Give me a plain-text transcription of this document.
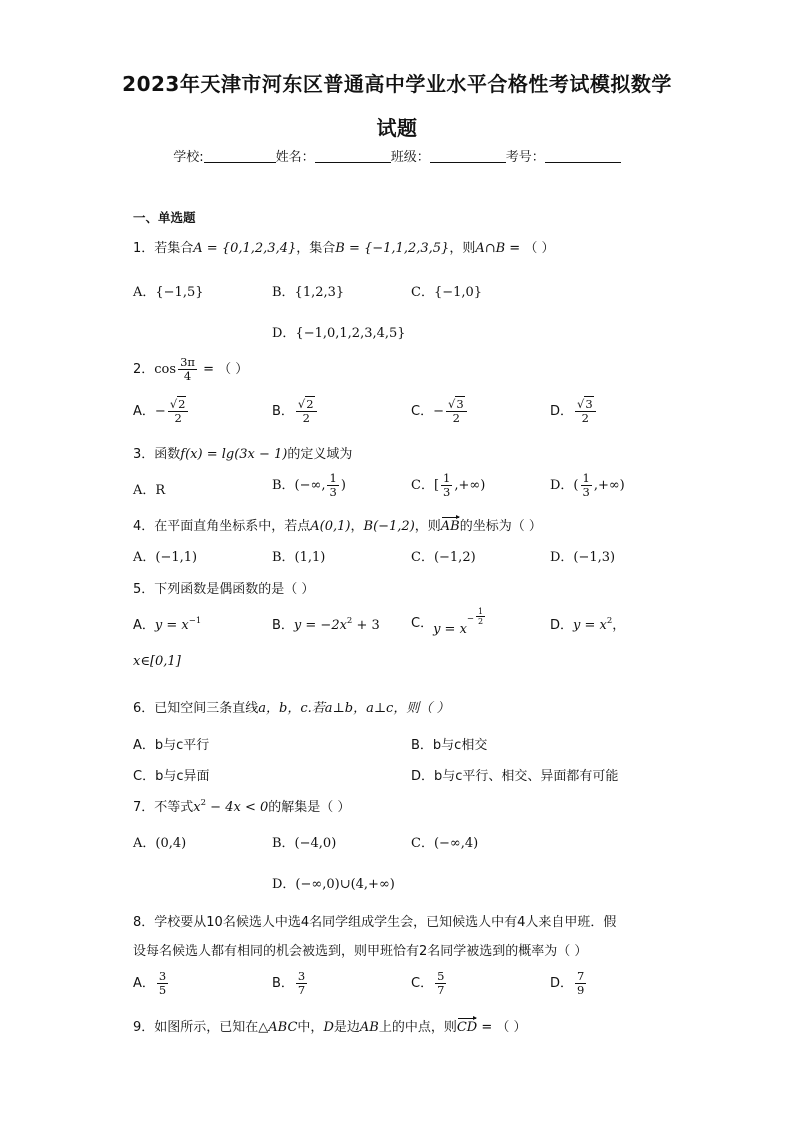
2023年天津市河东区普通高中学业水平合格性考试模拟数学
试题
学校:	姓名：	班级：	考号：
一、单选题
1．若集合A = {0,1,2,3,4}，集合B = {−1,1,2,3,5}，则A∩B = （ ）
A．{−1,5}	B．{1,2,3}	C．{−1,0}
D．{−1,0,1,2,3,4,5}
2．$\cos \frac{3\pi}{4}$ = （ ）
A．− $\frac{√2}{2}$	B． $\frac{√2}{2}$	C．− $\frac{√3}{2}$	D． $\frac{√3}{2}$
3．函数f(x) = lg(3x − 1)的定义域为
A．R	B．(−∞, $\frac{1}{3}$ )	C．[ $\frac{1}{3}$ ,+∞)	D．( $\frac{1}{3}$ ,+∞)
4．在平面直角坐标系中，若点A(0,1)，B(−1,2)，则AB的坐标为（ ）
A．(−1,1)	B．(1,1)	C．(−1,2)	D．(−1,3)
5．下列函数是偶函数的是（ ）
A．$y = x^{-1}$	B．$y = -2x^2 + 3$ C．$y = x^- \frac{1}{2}$	D．$y = x^2$，
x∈[0,1]
6．已知空间三条直线a，b，c.若a⊥b，a⊥c，则（ ）
A．b与c平行	B．b与c相交
C．b与c异面	D．b与c平行、相交、异面都有可能
7．不等式$x^2 - 4x < 0$的解集是（ ）
A．(0,4)	B．(−4,0)	C．(−∞,4)
D．(−∞,0)∪(4,+∞)
8．学校要从10名候选人中选4名同学组成学生会，已知候选人中有4人来自甲班．假
设每名候选人都有相同的机会被选到，则甲班恰有2名同学被选到的概率为（ ）
A． $\frac{3}{5}$	B． $\frac{3}{7}$	C． $\frac{5}{7}$	D． $\frac{7}{9}$
9．如图所示，已知在△ABC中，D是边AB上的中点，则CD = （ ）
